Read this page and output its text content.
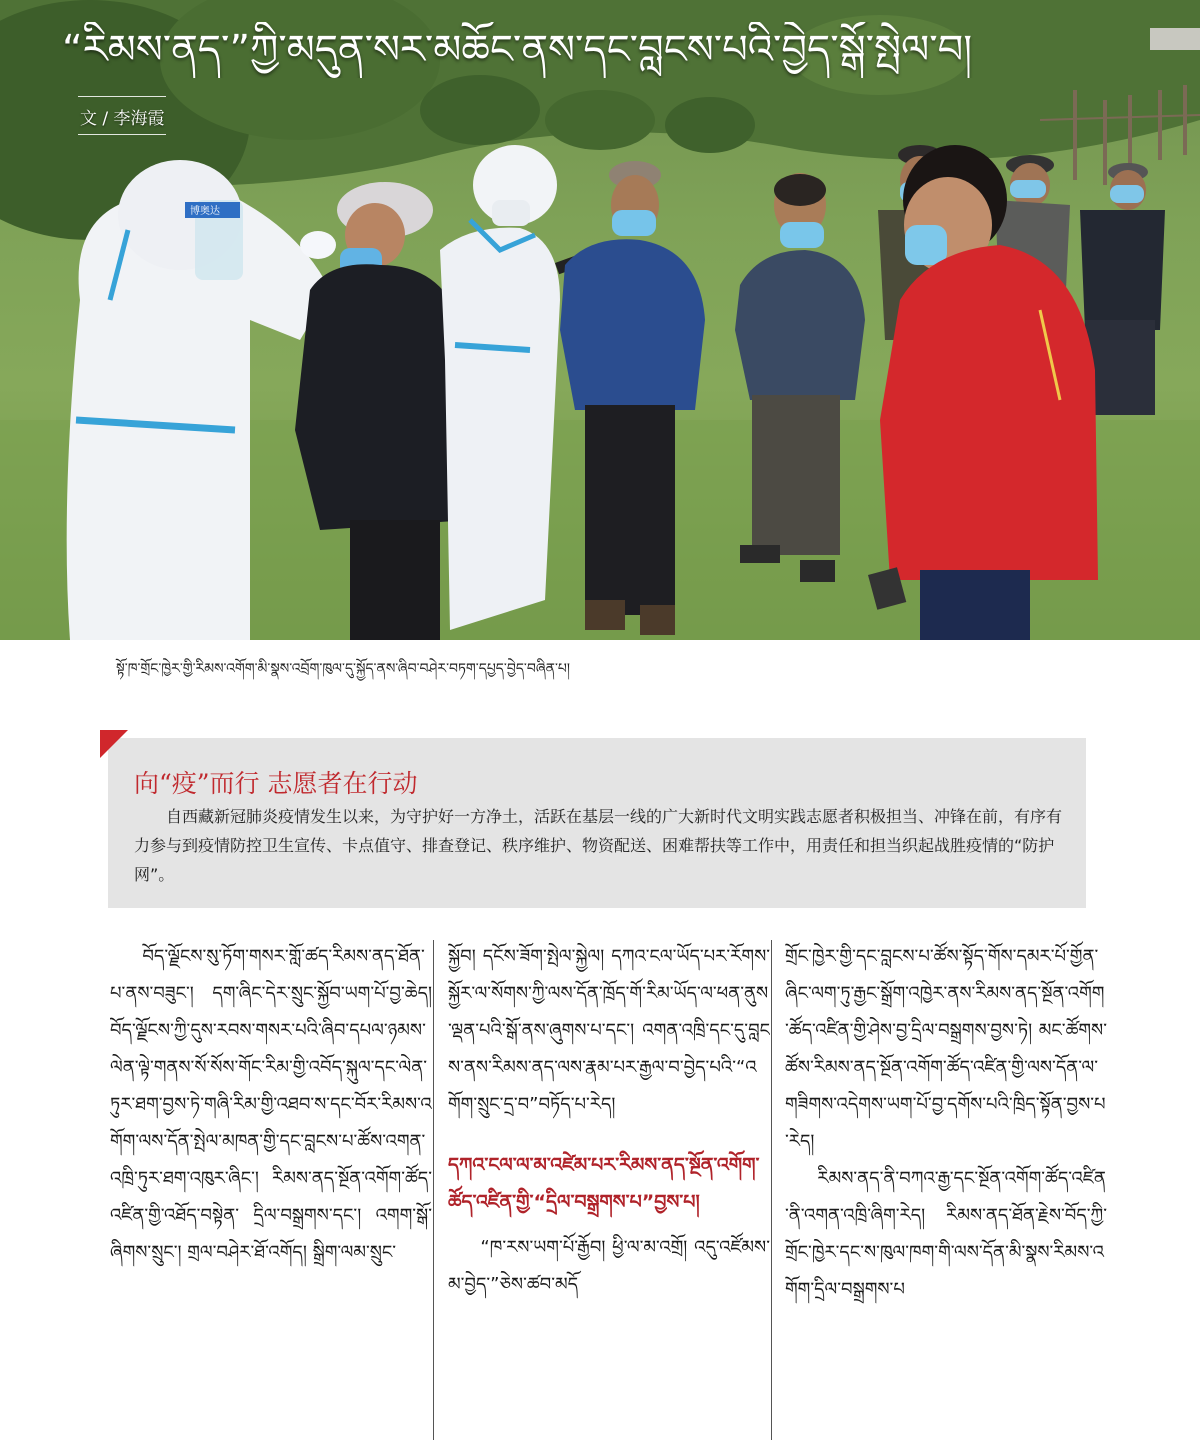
博奥达
“རིམས་ནད་”ཀྱི་མདུན་སར་མཆོང་ནས་དང་བླངས་པའི་བྱེད་སྒོ་སྤེལ་བ།
文 / 李海霞
སྟོ་ཁ་གྲོང་ཁྱེར་གྱི་རིམས་འགོག་མི་སྣས་འབྲོག་ཁུལ་དུ་སྐྱོད་ནས་ཞིབ་བཤེར་བཏག་དཔྱད་བྱེད་བཞིན་པ།
向“疫”而行 志愿者在行动

自西藏新冠肺炎疫情发生以来，为守护好一方净土，活跃在基层一线的广大新时代文明实践志愿者积极担当、冲锋在前，有序有力参与到疫情防控卫生宣传、卡点值守、排查登记、秩序维护、物资配送、困难帮扶等工作中，用责任和担当织起战胜疫情的“防护网”。

བོད་ལྗོངས་སུ་ཏོག་གསར་གློ་ཚད་རིམས་ནད་ཐོན་པ་ནས་བཟུང་། དག་ཞིང་དེར་སྲུང་སྐྱོབ་ཡག་པོ་བྱ་ཆེད། བོད་ལྗོངས་ཀྱི་དུས་རབས་གསར་པའི་ཞིབ་དཔལ་ཉམས་ལེན་ལྟེ་གནས་སོ་སོས་གོང་རིམ་གྱི་འབོད་སྐུལ་དང་ལེན་ཏུར་ཐག་བྱས་ཏེ་གཞི་རིམ་གྱི་འཐབ་ས་དང་བོར་རིམས་འགོག་ལས་དོན་སྤེལ་མཁན་གྱི་དང་བླངས་པ་ཚོས་འགན་འཁྲི་ཏུར་ཐག་འཁུར་ཞིང་། རིམས་ནད་སྔོན་འགོག་ཚོད་འཛིན་གྱི་འཐོད་བསྟེན་ དྲིལ་བསྒྲགས་དང་། འགག་སྒོ་ཞིགས་སྲུང་། གྲལ་བཤེར་ཐོ་འགོད། སྒྲིག་ལམ་སྲུང་

སྐྱོབ། དངོས་ཟོག་སྤེལ་སྐྱེལ། དཀའ་ངལ་ཡོད་པར་རོགས་སྐྱོར་ལ་སོགས་ཀྱི་ལས་དོན་ཁྲོད་གོ་རིམ་ཡོད་ལ་ཕན་ནུས་ལྡན་པའི་སྒོ་ནས་ཞུགས་པ་དང་། འགན་འཁྲི་དང་དུ་བླངས་ནས་རིམས་ནད་ལས་རྣམ་པར་རྒྱལ་བ་བྱེད་པའི་“འགོག་སྲུང་དྲ་བ”བཏོད་པ་རེད།

དཀའ་ངལ་ལ་མ་འཛེམ་པར་རིམས་ནད་སྔོན་འགོག་ཚོད་འཛིན་གྱི་“དྲིལ་བསྒྲགས་པ”བྱས་པ།

“ཁ་རས་ཡག་པོ་རྒྱོབ། ཕྱི་ལ་མ་འགྲོ། འདུ་འཛོམས་མ་བྱེད་”ཅེས་ཚབ་མདོ

གྲོང་ཁྱེར་གྱི་དང་བླངས་པ་ཚོས་སྟོད་གོས་དམར་པོ་གྱོན་ཞིང་ལག་ཏུ་རྒྱང་སྒྲོག་འཁྱེར་ནས་རིམས་ནད་སྔོན་འགོག་ཚོད་འཛིན་གྱི་ཤེས་བྱ་དྲིལ་བསྒྲགས་བྱས་ཏེ། མང་ཚོགས་ཚོས་རིམས་ནད་སྔོན་འགོག་ཚོད་འཛིན་གྱི་ལས་དོན་ལ་གཟིགས་འདེགས་ཡག་པོ་བྱ་དགོས་པའི་ཁྲིད་སྟོན་བྱས་པ་རེད།

རིམས་ནད་ནི་བཀའ་རྒྱ་དང་སྔོན་འགོག་ཚོད་འཛིན་ནི་འགན་འཁྲི་ཞིག་རེད། རིམས་ནད་ཐོན་རྗེས་བོད་ཀྱི་གྲོང་ཁྱེར་དང་ས་ཁུལ་ཁག་གི་ལས་དོན་མི་སྣས་རིམས་འགོག་དྲིལ་བསྒྲགས་པ
